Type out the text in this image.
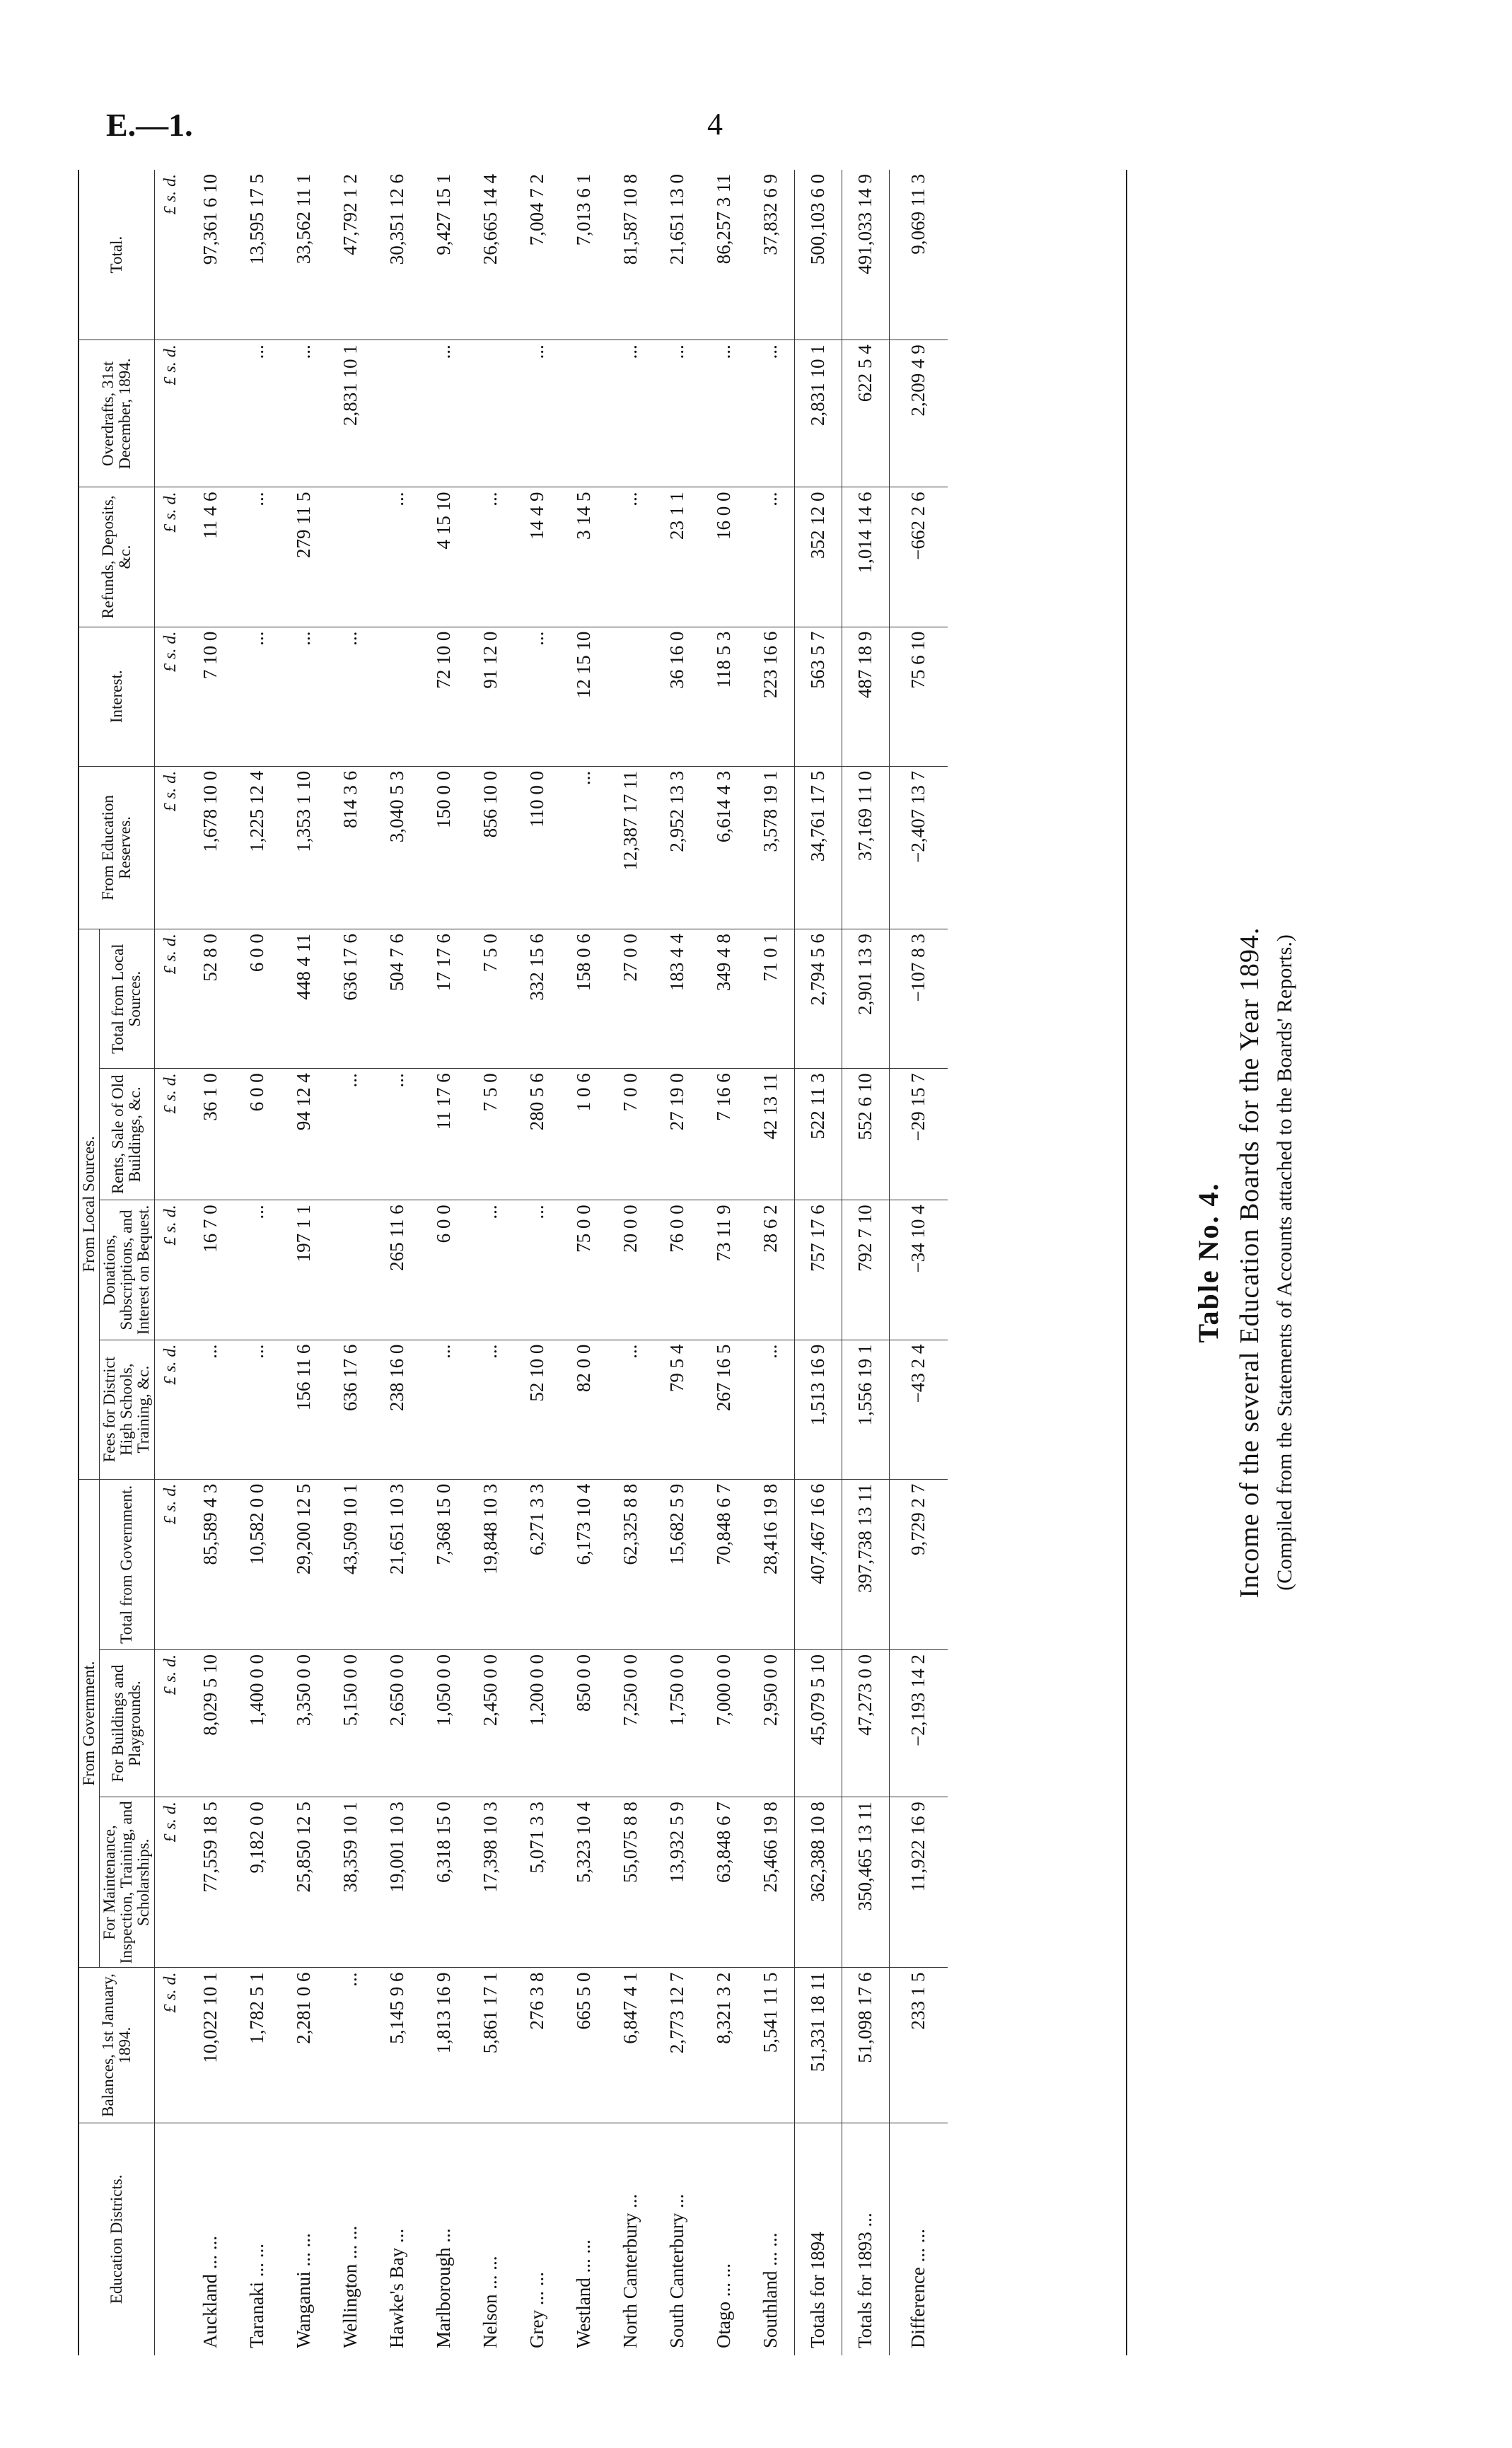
E.—1.	4
Education Districts.	Balances, 1st January, 1894.	From Government.			From Local Sources.				From Education Reserves.	Interest.	Refunds, Deposits, &c.	Overdrafts, 31st December, 1894.	Total.
		For Maintenance, Inspection, Training, and Scholarships.	For Buildings and Playgrounds.	Total from Government.	Fees for District High Schools, Training, &c.	Donations, Subscriptions, and Interest on Bequest.	Rents, Sale of Old Buildings, &c.	Total from Local Sources.					
	£ s. d.	£ s. d.	£ s. d.	£ s. d.	£ s. d.	£ s. d.	£ s. d.	£ s. d.	£ s. d.	£ s. d.	£ s. d.	£ s. d.	£ s. d.
Auckland ... ...	10,022 10 1	77,559 18 5	8,029 5 10	85,589 4 3	...	16 7 0	36 1 0	52 8 0	1,678 10 0	7 10 0	11 4 6		97,361 6 10
Taranaki ... ...	1,782 5 1	9,182 0 0	1,400 0 0	10,582 0 0	...	...	6 0 0	6 0 0	1,225 12 4	...	...	...	13,595 17 5
Wanganui ... ...	2,281 0 6	25,850 12 5	3,350 0 0	29,200 12 5	156 11 6	197 1 1	94 12 4	448 4 11	1,353 1 10	...	279 11 5	...	33,562 11 1
Wellington ... ...	...	38,359 10 1	5,150 0 0	43,509 10 1	636 17 6		...	636 17 6	814 3 6	...		2,831 10 1	47,792 1 2
Hawke's Bay ...	5,145 9 6	19,001 10 3	2,650 0 0	21,651 10 3	238 16 0	265 11 6	...	504 7 6	3,040 5 3		...		30,351 12 6
Marlborough ...	1,813 16 9	6,318 15 0	1,050 0 0	7,368 15 0	...	6 0 0	11 17 6	17 17 6	150 0 0	72 10 0	4 15 10	...	9,427 15 1
Nelson ... ...	5,861 17 1	17,398 10 3	2,450 0 0	19,848 10 3	...	...	7 5 0	7 5 0	856 10 0	91 12 0	...		26,665 14 4
Grey ... ...	276 3 8	5,071 3 3	1,200 0 0	6,271 3 3	52 10 0	...	280 5 6	332 15 6	110 0 0	...	14 4 9	...	7,004 7 2
Westland ... ...	665 5 0	5,323 10 4	850 0 0	6,173 10 4	82 0 0	75 0 0	1 0 6	158 0 6	...	12 15 10	3 14 5		7,013 6 1
North Canterbury ...	6,847 4 1	55,075 8 8	7,250 0 0	62,325 8 8	...	20 0 0	7 0 0	27 0 0	12,387 17 11		...	...	81,587 10 8
South Canterbury ...	2,773 12 7	13,932 5 9	1,750 0 0	15,682 5 9	79 5 4	76 0 0	27 19 0	183 4 4	2,952 13 3	36 16 0	23 1 1	...	21,651 13 0
Otago ... ...	8,321 3 2	63,848 6 7	7,000 0 0	70,848 6 7	267 16 5	73 11 9	7 16 6	349 4 8	6,614 4 3	118 5 3	16 0 0	...	86,257 3 11
Southland ... ...	5,541 11 5	25,466 19 8	2,950 0 0	28,416 19 8	...	28 6 2	42 13 11	71 0 1	3,578 19 1	223 16 6	...	...	37,832 6 9
Totals for 1894	51,331 18 11	362,388 10 8	45,079 5 10	407,467 16 6	1,513 16 9	757 17 6	522 11 3	2,794 5 6	34,761 17 5	563 5 7	352 12 0	2,831 10 1	500,103 6 0
Totals for 1893 ...	51,098 17 6	350,465 13 11	47,273 0 0	397,738 13 11	1,556 19 1	792 7 10	552 6 10	2,901 13 9	37,169 11 0	487 18 9	1,014 14 6	622 5 4	491,033 14 9
Difference ... ...	233 1 5	11,922 16 9	−2,193 14 2	9,729 2 7	−43 2 4	−34 10 4	−29 15 7	−107 8 3	−2,407 13 7	75 6 10	−662 2 6	2,209 4 9	9,069 11 3
Table No. 4. Income of the several Education Boards for the Year 1894. (Compiled from the Statements of Accounts attached to the Boards' Reports.)
